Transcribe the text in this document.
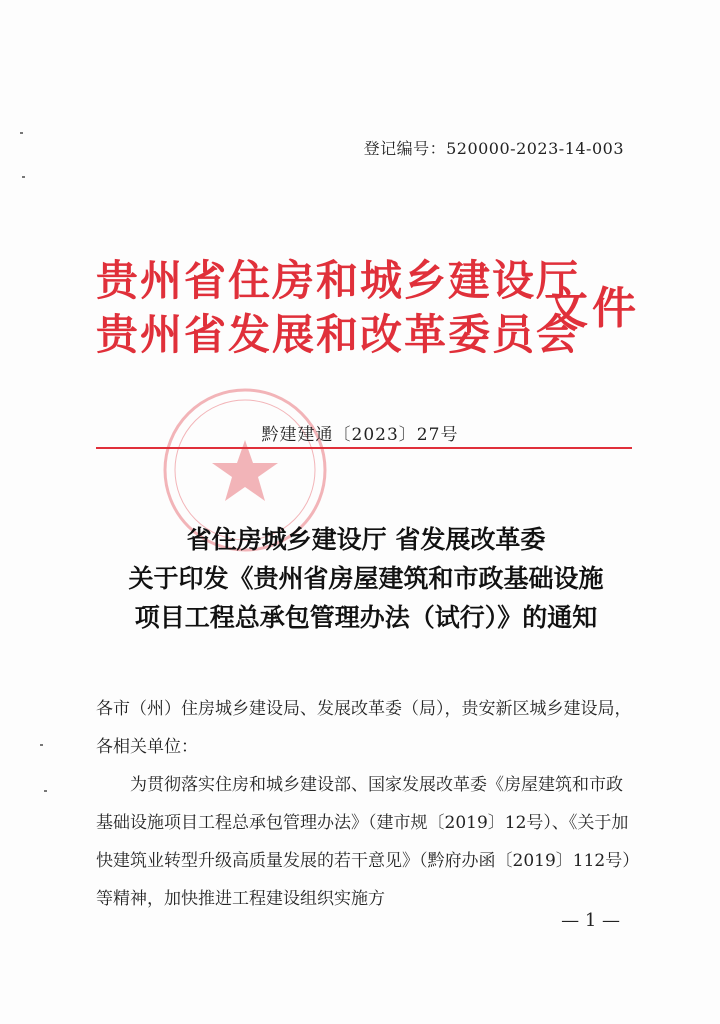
登记编号：520000-2023-14-003
贵州省住房和城乡建设厅
贵州省发展和改革委员会
文件
黔建建通〔2023〕27号
省住房城乡建设厅 省发展改革委
关于印发《贵州省房屋建筑和市政基础设施
项目工程总承包管理办法（试行）》的通知

各市（州）住房城乡建设局、发展改革委（局），贵安新区城乡建设局，各相关单位：

为贯彻落实住房和城乡建设部、国家发展改革委《房屋建筑和市政基础设施项目工程总承包管理办法》（建市规〔2019〕12号）、《关于加快建筑业转型升级高质量发展的若干意见》（黔府办函〔2019〕112号）等精神，加快推进工程建设组织实施方

— 1 —
